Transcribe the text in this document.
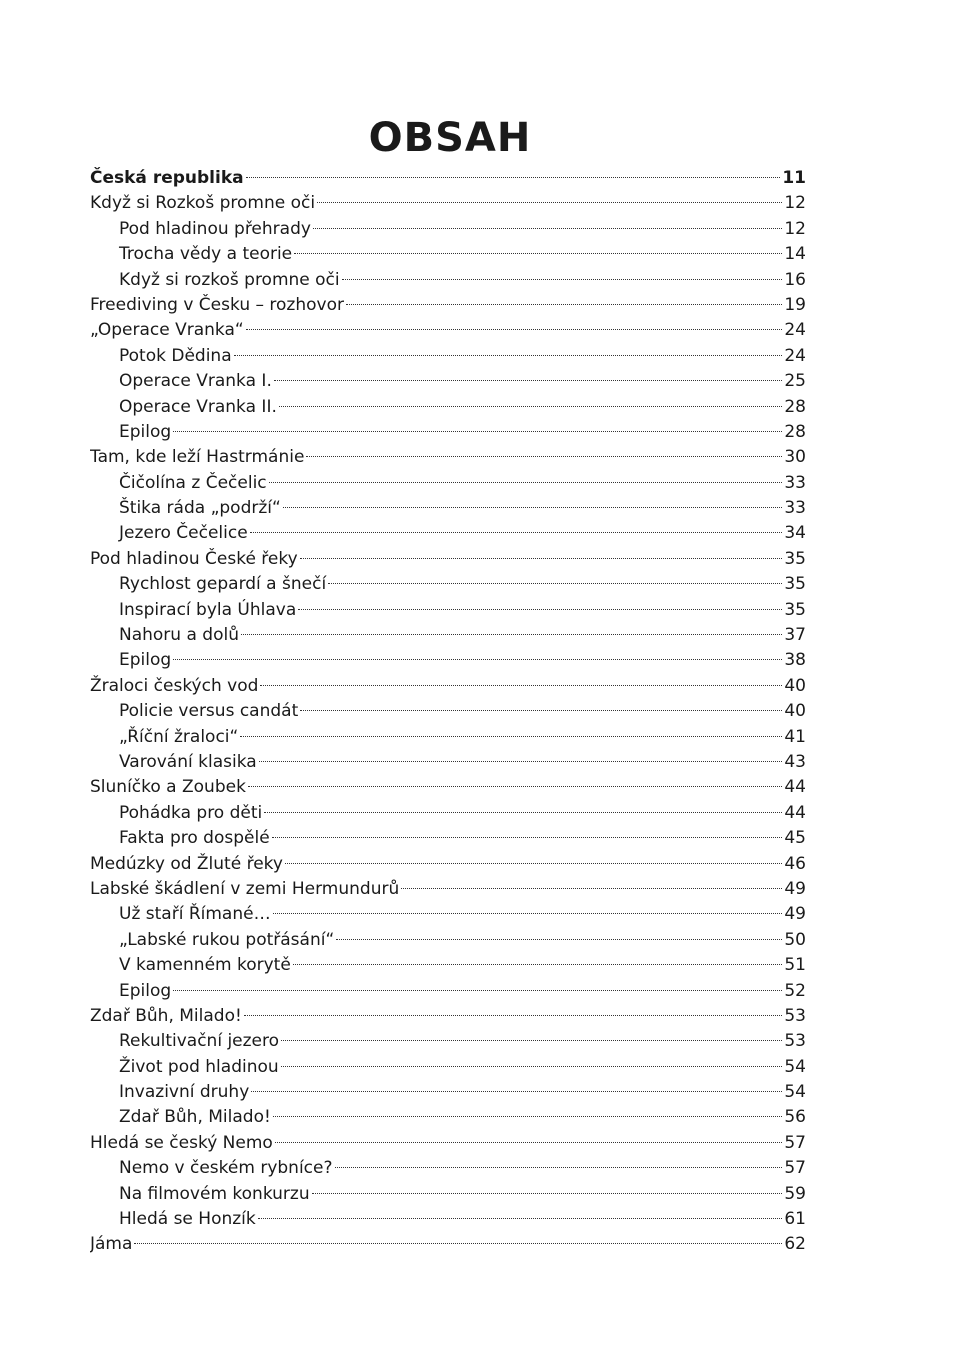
OBSAH
Česká republika	11
Když si Rozkoš promne oči	12
Pod hladinou přehrady	12
Trocha vědy a teorie	14
Když si rozkoš promne oči	16
Freediving v Česku – rozhovor	19
„Operace Vranka“	24
Potok Dědina	24
Operace Vranka I.	25
Operace Vranka II.	28
Epilog	28
Tam, kde leží Hastrmánie	30
Čičolína z Čečelic	33
Štika ráda „podrží“	33
Jezero Čečelice	34
Pod hladinou České řeky	35
Rychlost gepardí a šnečí	35
Inspirací byla Úhlava	35
Nahoru a dolů	37
Epilog	38
Žraloci českých vod	40
Policie versus candát	40
„Říční žraloci“	41
Varování klasika	43
Sluníčko a Zoubek	44
Pohádka pro děti	44
Fakta pro dospělé	45
Medúzky od Žluté řeky	46
Labské škádlení v zemi Hermundurů	49
Už staří Římané…	49
„Labské rukou potřásání“	50
V kamenném korytě	51
Epilog	52
Zdař Bůh, Milado!	53
Rekultivační jezero	53
Život pod hladinou	54
Invazivní druhy	54
Zdař Bůh, Milado!	56
Hledá se český Nemo	57
Nemo v českém rybníce?	57
Na filmovém konkurzu	59
Hledá se Honzík	61
Jáma	62
